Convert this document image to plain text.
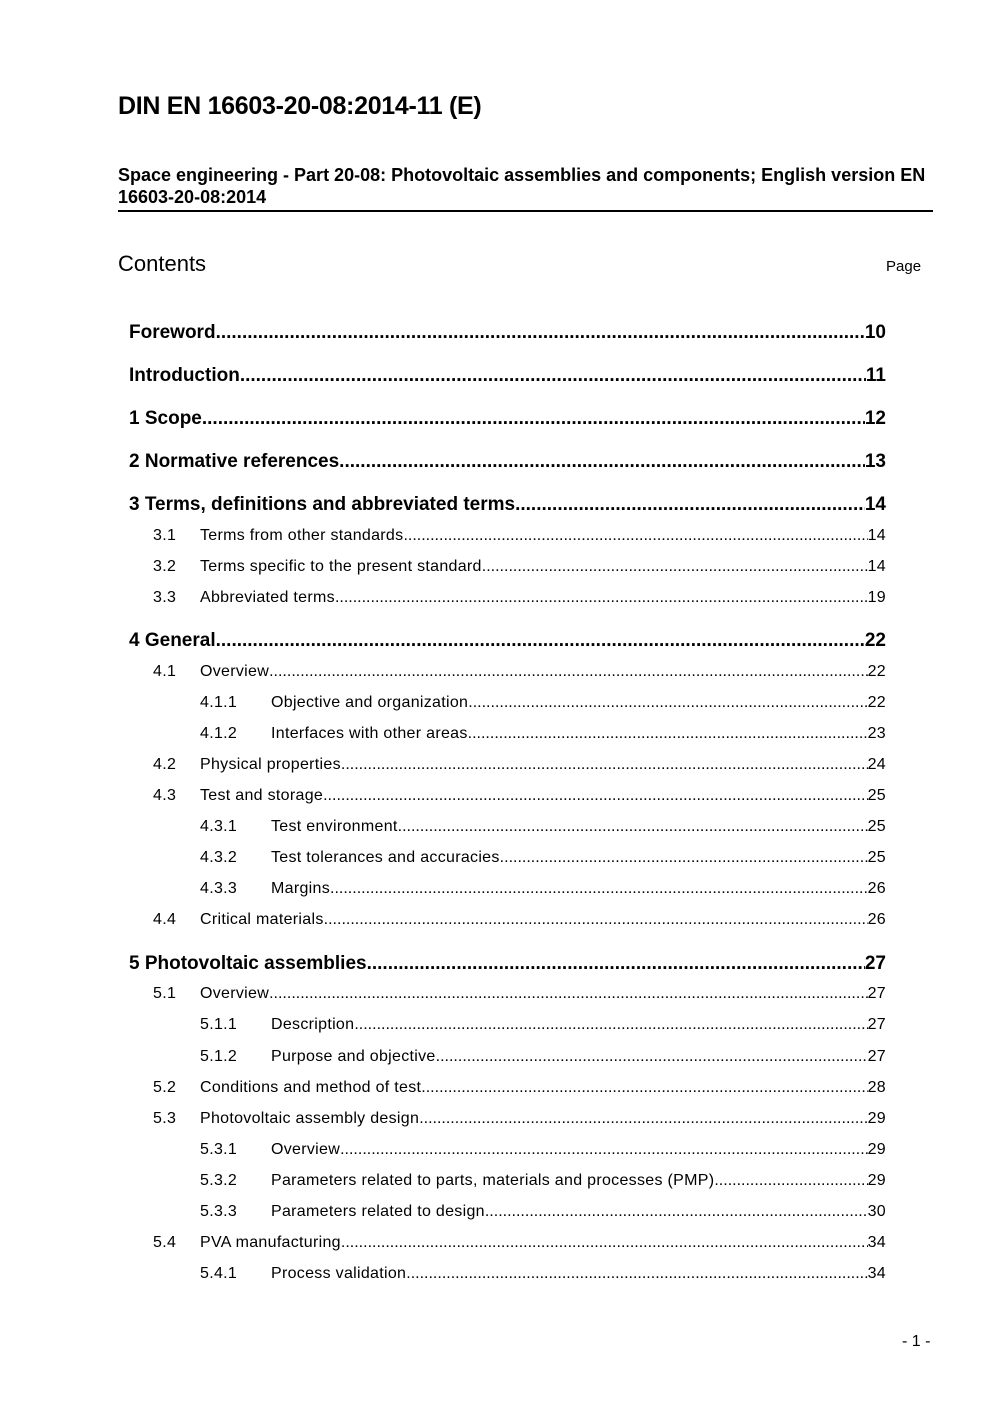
DIN EN 16603-20-08:2014-11 (E)
Space engineering - Part 20-08: Photovoltaic assemblies and components; English version EN 16603-20-08:2014
Contents	Page
Foreword .....	10
Introduction .....	11
1 Scope .....	12
2 Normative references .....	13
3 Terms, definitions and abbreviated terms .....	14
3.1	Terms from other standards .....	14
3.2	Terms specific to the present standard .....	14
3.3	Abbreviated terms .....	19
4 General .....	22
4.1	Overview .....	22
4.1.1	Objective and organization .....	22
4.1.2	Interfaces with other areas .....	23
4.2	Physical properties .....	24
4.3	Test and storage .....	25
4.3.1	Test environment .....	25
4.3.2	Test tolerances and accuracies .....	25
4.3.3	Margins .....	26
4.4	Critical materials .....	26
5 Photovoltaic assemblies .....	27
5.1	Overview .....	27
5.1.1	Description .....	27
5.1.2	Purpose and objective .....	27
5.2	Conditions and method of test .....	28
5.3	Photovoltaic assembly design .....	29
5.3.1	Overview .....	29
5.3.2	Parameters related to parts, materials and processes (PMP) .....	29
5.3.3	Parameters related to design .....	30
5.4	PVA manufacturing .....	34
5.4.1	Process validation .....	34
- 1 -
